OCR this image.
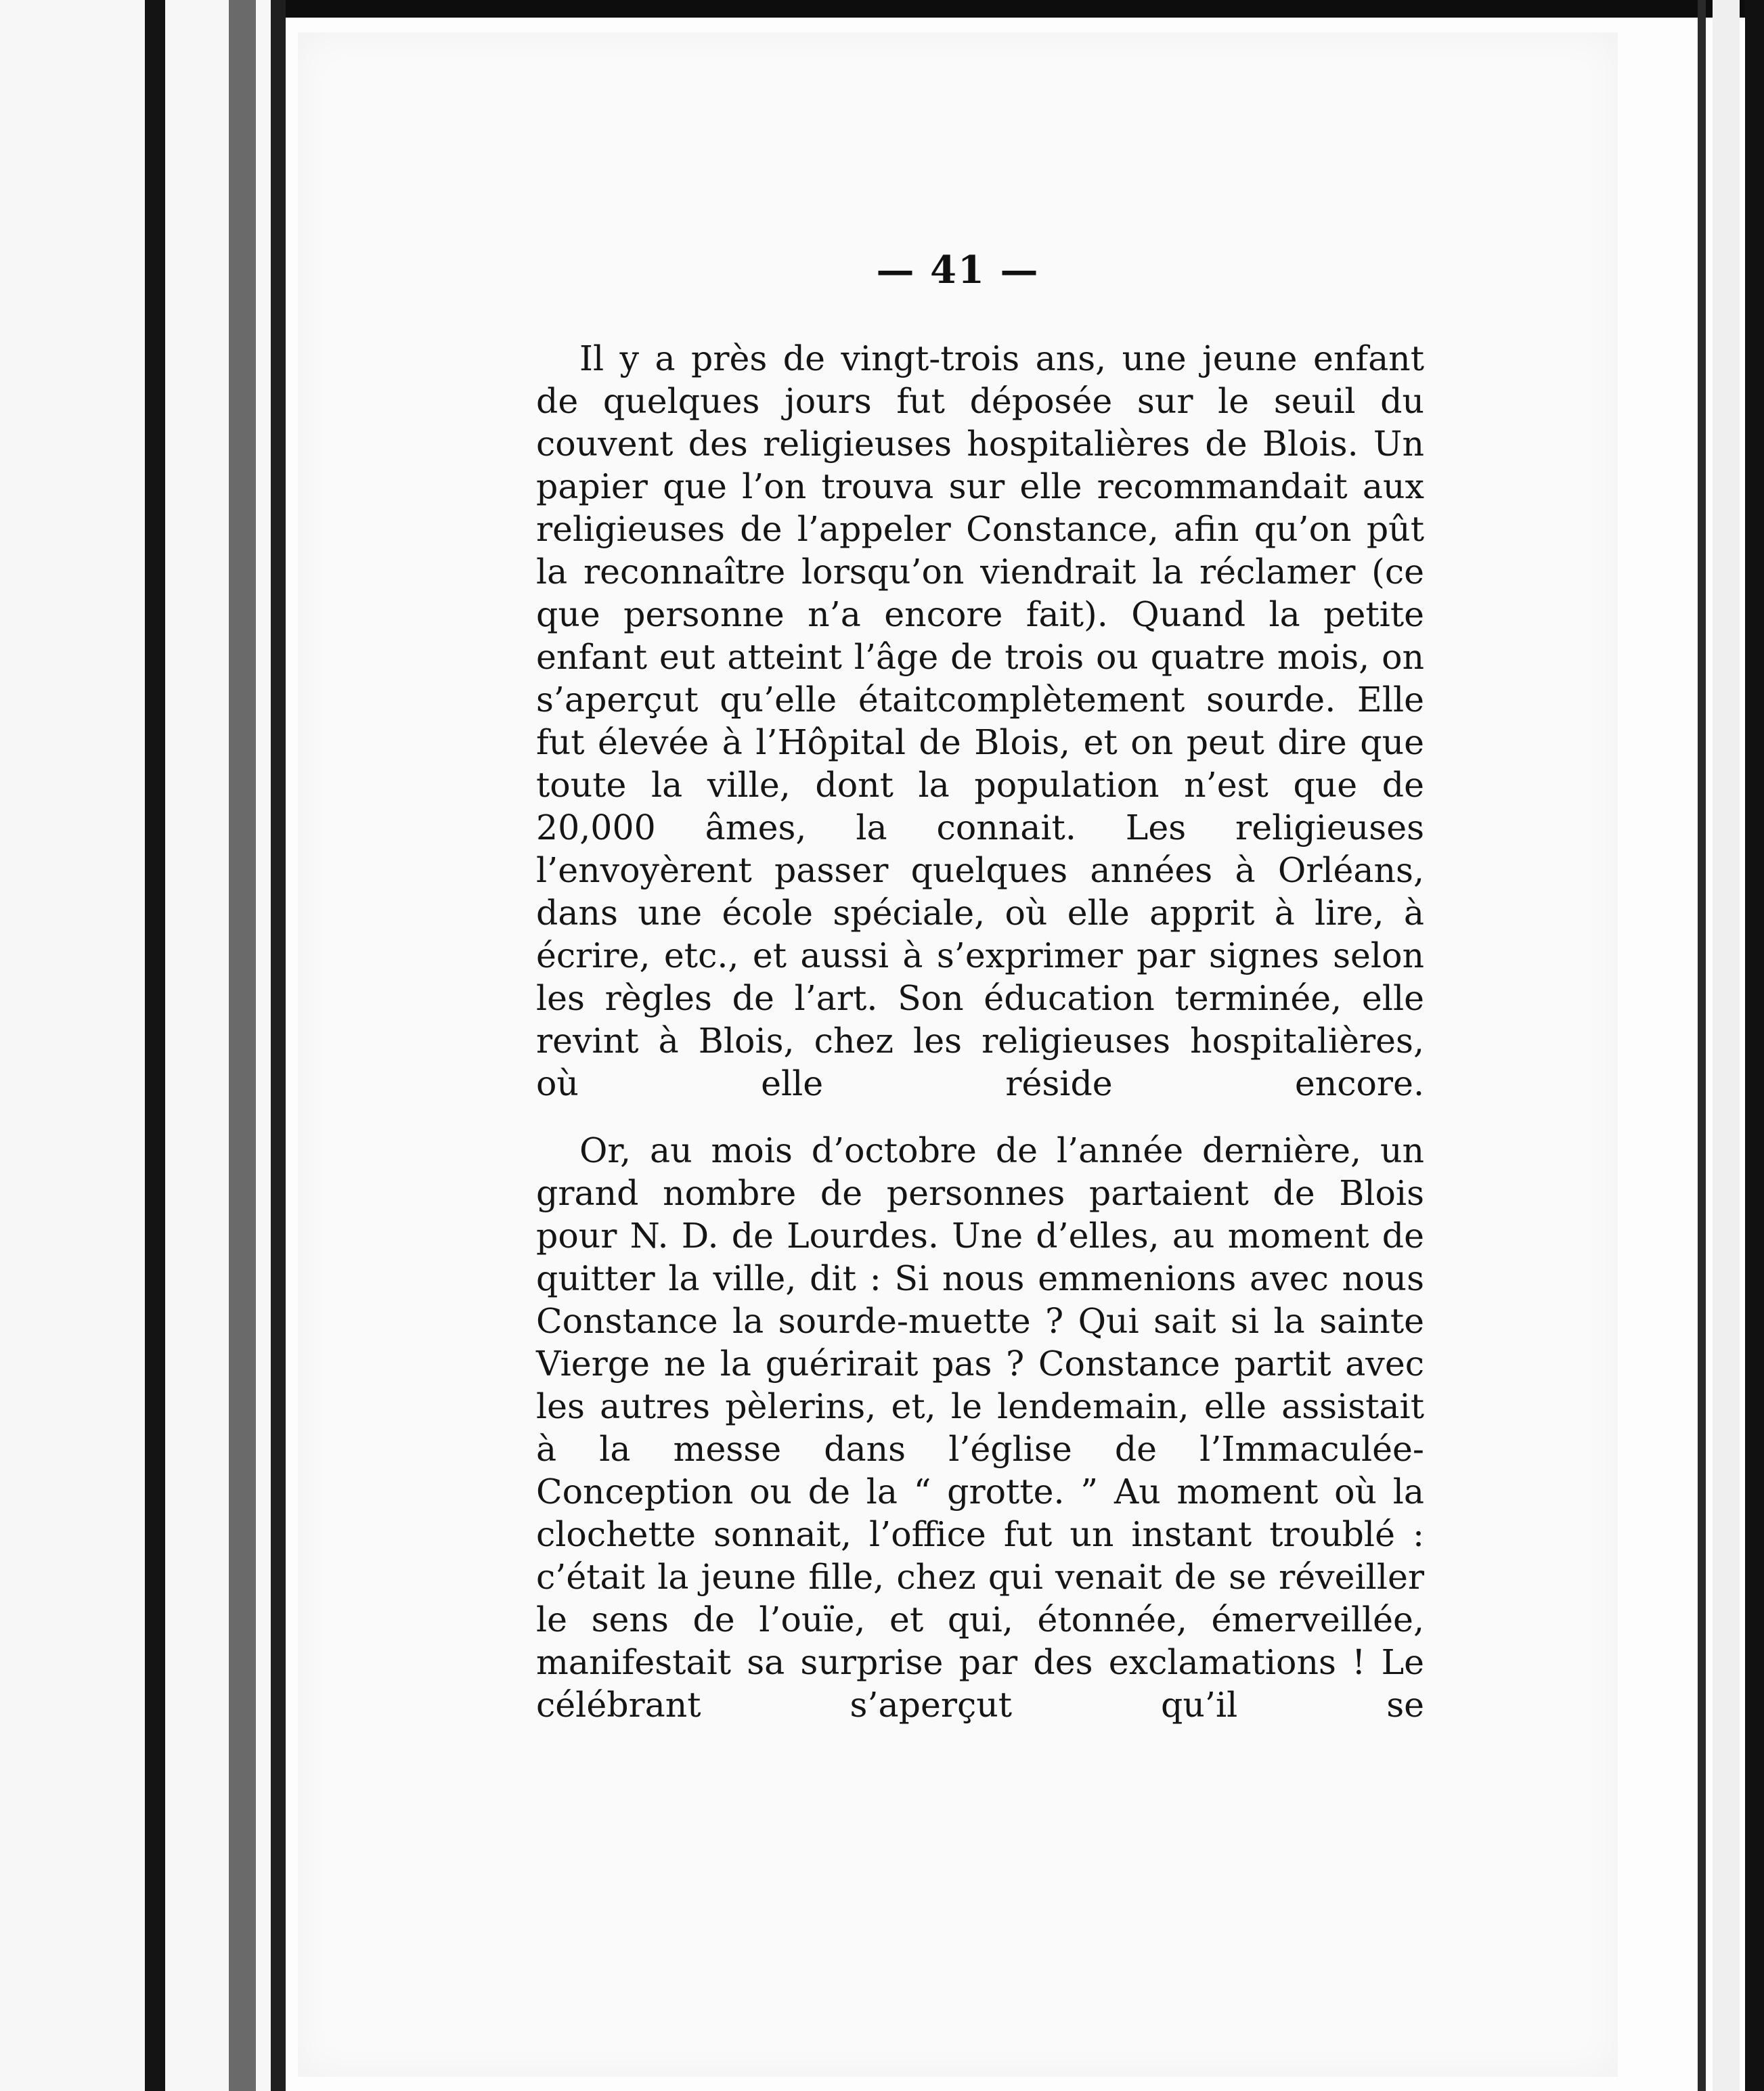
— 41 —

Il y a près de vingt-trois ans, une jeune enfant de quelques jours fut déposée sur le seuil du couvent des religieuses hospitalières de Blois. Un papier que l’on trouva sur elle recommandait aux religieuses de l’appeler Constance, afin qu’on pût la reconnaître lorsqu’on viendrait la réclamer (ce que personne n’a encore fait). Quand la petite enfant eut atteint l’âge de trois ou quatre mois, on s’aperçut qu’elle étaitcomplètement sourde. Elle fut élevée à l’Hôpital de Blois, et on peut dire que toute la ville, dont la population n’est que de 20,000 âmes, la connait. Les religieuses l’envoyèrent passer quelques années à Orléans, dans une école spéciale, où elle apprit à lire, à écrire, etc., et aussi à s’exprimer par signes selon les règles de l’art. Son éducation terminée, elle revint à Blois, chez les religieuses hospitalières, où elle réside encore.

Or, au mois d’octobre de l’année dernière, un grand nombre de personnes partaient de Blois pour N. D. de Lourdes. Une d’elles, au moment de quitter la ville, dit : Si nous emmenions avec nous Constance la sourde-muette ? Qui sait si la sainte Vierge ne la guérirait pas ? Constance partit avec les autres pèlerins, et, le lendemain, elle assistait à la messe dans l’église de l’Immaculée-Conception ou de la “ grotte. ” Au moment où la clochette sonnait, l’office fut un instant troublé : c’était la jeune fille, chez qui venait de se réveiller le sens de l’ouïe, et qui, étonnée, émerveillée, manifestait sa surprise par des exclamations ! Le célébrant s’aperçut qu’il se
